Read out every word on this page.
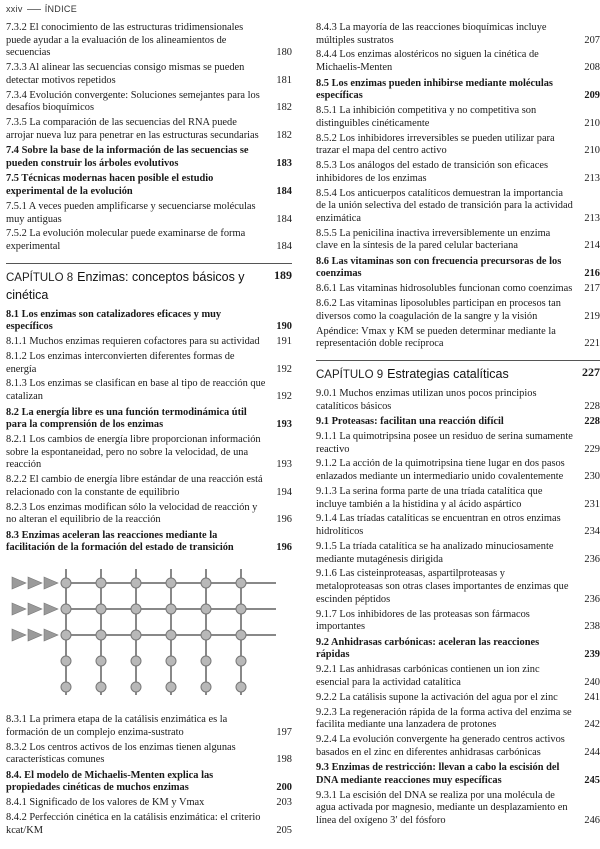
xxiv ÍNDICE
7.3.2 El conocimiento de las estructuras tridimensionales puede ayudar a la evaluación de los alineamientos de secuencias	180
7.3.3 Al alinear las secuencias consigo mismas se pueden detectar motivos repetidos	181
7.3.4 Evolución convergente: Soluciones semejantes para los desafíos bioquímicos	182
7.3.5 La comparación de las secuencias del RNA puede arrojar nueva luz para penetrar en las estructuras secundarias 182
7.4 Sobre la base de la información de las secuencias se pueden construir los árboles evolutivos	183
7.5 Técnicas modernas hacen posible el estudio experimental de la evolución	184
7.5.1 A veces pueden amplificarse y secuenciarse moléculas muy antiguas	184
7.5.2 La evolución molecular puede examinarse de forma experimental	184
CAPÍTULO 8 Enzimas: conceptos básicos y cinética
189
8.1 Los enzimas son catalizadores eficaces y muy específicos	190
8.1.1 Muchos enzimas requieren cofactores para su actividad 191
8.1.2 Los enzimas interconvierten diferentes formas de energía	192
8.1.3 Los enzimas se clasifican en base al tipo de reacción que catalizan	192
8.2 La energía libre es una función termodinámica útil para la comprensión de los enzimas	193
8.2.1 Los cambios de energía libre proporcionan información sobre la espontaneidad, pero no sobre la velocidad, de una reacción	193
8.2.2 El cambio de energía libre estándar de una reacción está relacionado con la constante de equilibrio	194
8.2.3 Los enzimas modifican sólo la velocidad de reacción y no alteran el equilibrio de la reacción	196
8.3 Enzimas aceleran las reacciones mediante la facilitación de la formación del estado de transición	196
8.3.1 La primera etapa de la catálisis enzimática es la formación de un complejo enzima-sustrato	197
8.3.2 Los centros activos de los enzimas tienen algunas características comunes	198
8.4. El modelo de Michaelis-Menten explica las propiedades cinéticas de muchos enzimas	200
8.4.1 Significado de los valores de KM y Vmax	203
8.4.2 Perfección cinética en la catálisis enzimática: el criterio kcat/KM	205
8.4.3 La mayoría de las reacciones bioquímicas incluye múltiples sustratos	207
8.4.4 Los enzimas alostéricos no siguen la cinética de Michaelis-Menten	208
8.5 Los enzimas pueden inhibirse mediante moléculas específicas	209
8.5.1 La inhibición competitiva y no competitiva son distinguibles cinéticamente	210
8.5.2 Los inhibidores irreversibles se pueden utilizar para trazar el mapa del centro activo	210
8.5.3 Los análogos del estado de transición son eficaces inhibidores de los enzimas	213
8.5.4 Los anticuerpos catalíticos demuestran la importancia de la unión selectiva del estado de transición para la actividad enzimática	213
8.5.5 La penicilina inactiva irreversiblemente un enzima clave en la síntesis de la pared celular bacteriana	214
8.6 Las vitaminas son con frecuencia precursoras de los coenzimas	216
8.6.1 Las vitaminas hidrosolubles funcionan como coenzimas 217
8.6.2 Las vitaminas liposolubles participan en procesos tan diversos como la coagulación de la sangre y la visión	219
Apéndice: Vmax y KM se pueden determinar mediante la representación doble recíproca	221
CAPÍTULO 9 Estrategias catalíticas	227
9.0.1 Muchos enzimas utilizan unos pocos principios catalíticos básicos	228
9.1 Proteasas: facilitan una reacción difícil	228
9.1.1 La quimotripsina posee un residuo de serina sumamente reactivo	229
9.1.2 La acción de la quimotripsina tiene lugar en dos pasos enlazados mediante un intermediario unido covalentemente 230
9.1.3 La serina forma parte de una tríada catalítica que incluye también a la histidina y al ácido aspártico	231
9.1.4 Las tríadas catalíticas se encuentran en otros enzimas hidrolíticos	234
9.1.5 La tríada catalítica se ha analizado minuciosamente mediante mutagénesis dirigida	236
9.1.6 Las cisteinproteasas, aspartilproteasas y metaloproteasas son otras clases importantes de enzimas que escinden péptidos	236
9.1.7 Los inhibidores de las proteasas son fármacos importantes	238
9.2 Anhidrasas carbónicas: aceleran las reacciones rápidas	239
9.2.1 Las anhidrasas carbónicas contienen un ion zinc esencial para la actividad catalítica	240
9.2.2 La catálisis supone la activación del agua por el zinc	241
9.2.3 La regeneración rápida de la forma activa del enzima se facilita mediante una lanzadera de protones	242
9.2.4 La evolución convergente ha generado centros activos basados en el zinc en diferentes anhidrasas carbónicas	244
9.3 Enzimas de restricción: llevan a cabo la escisión del DNA mediante reacciones muy específicas	245
9.3.1 La escisión del DNA se realiza por una molécula de agua activada por magnesio, mediante un desplazamiento en línea del oxígeno 3′ del fósforo	246
